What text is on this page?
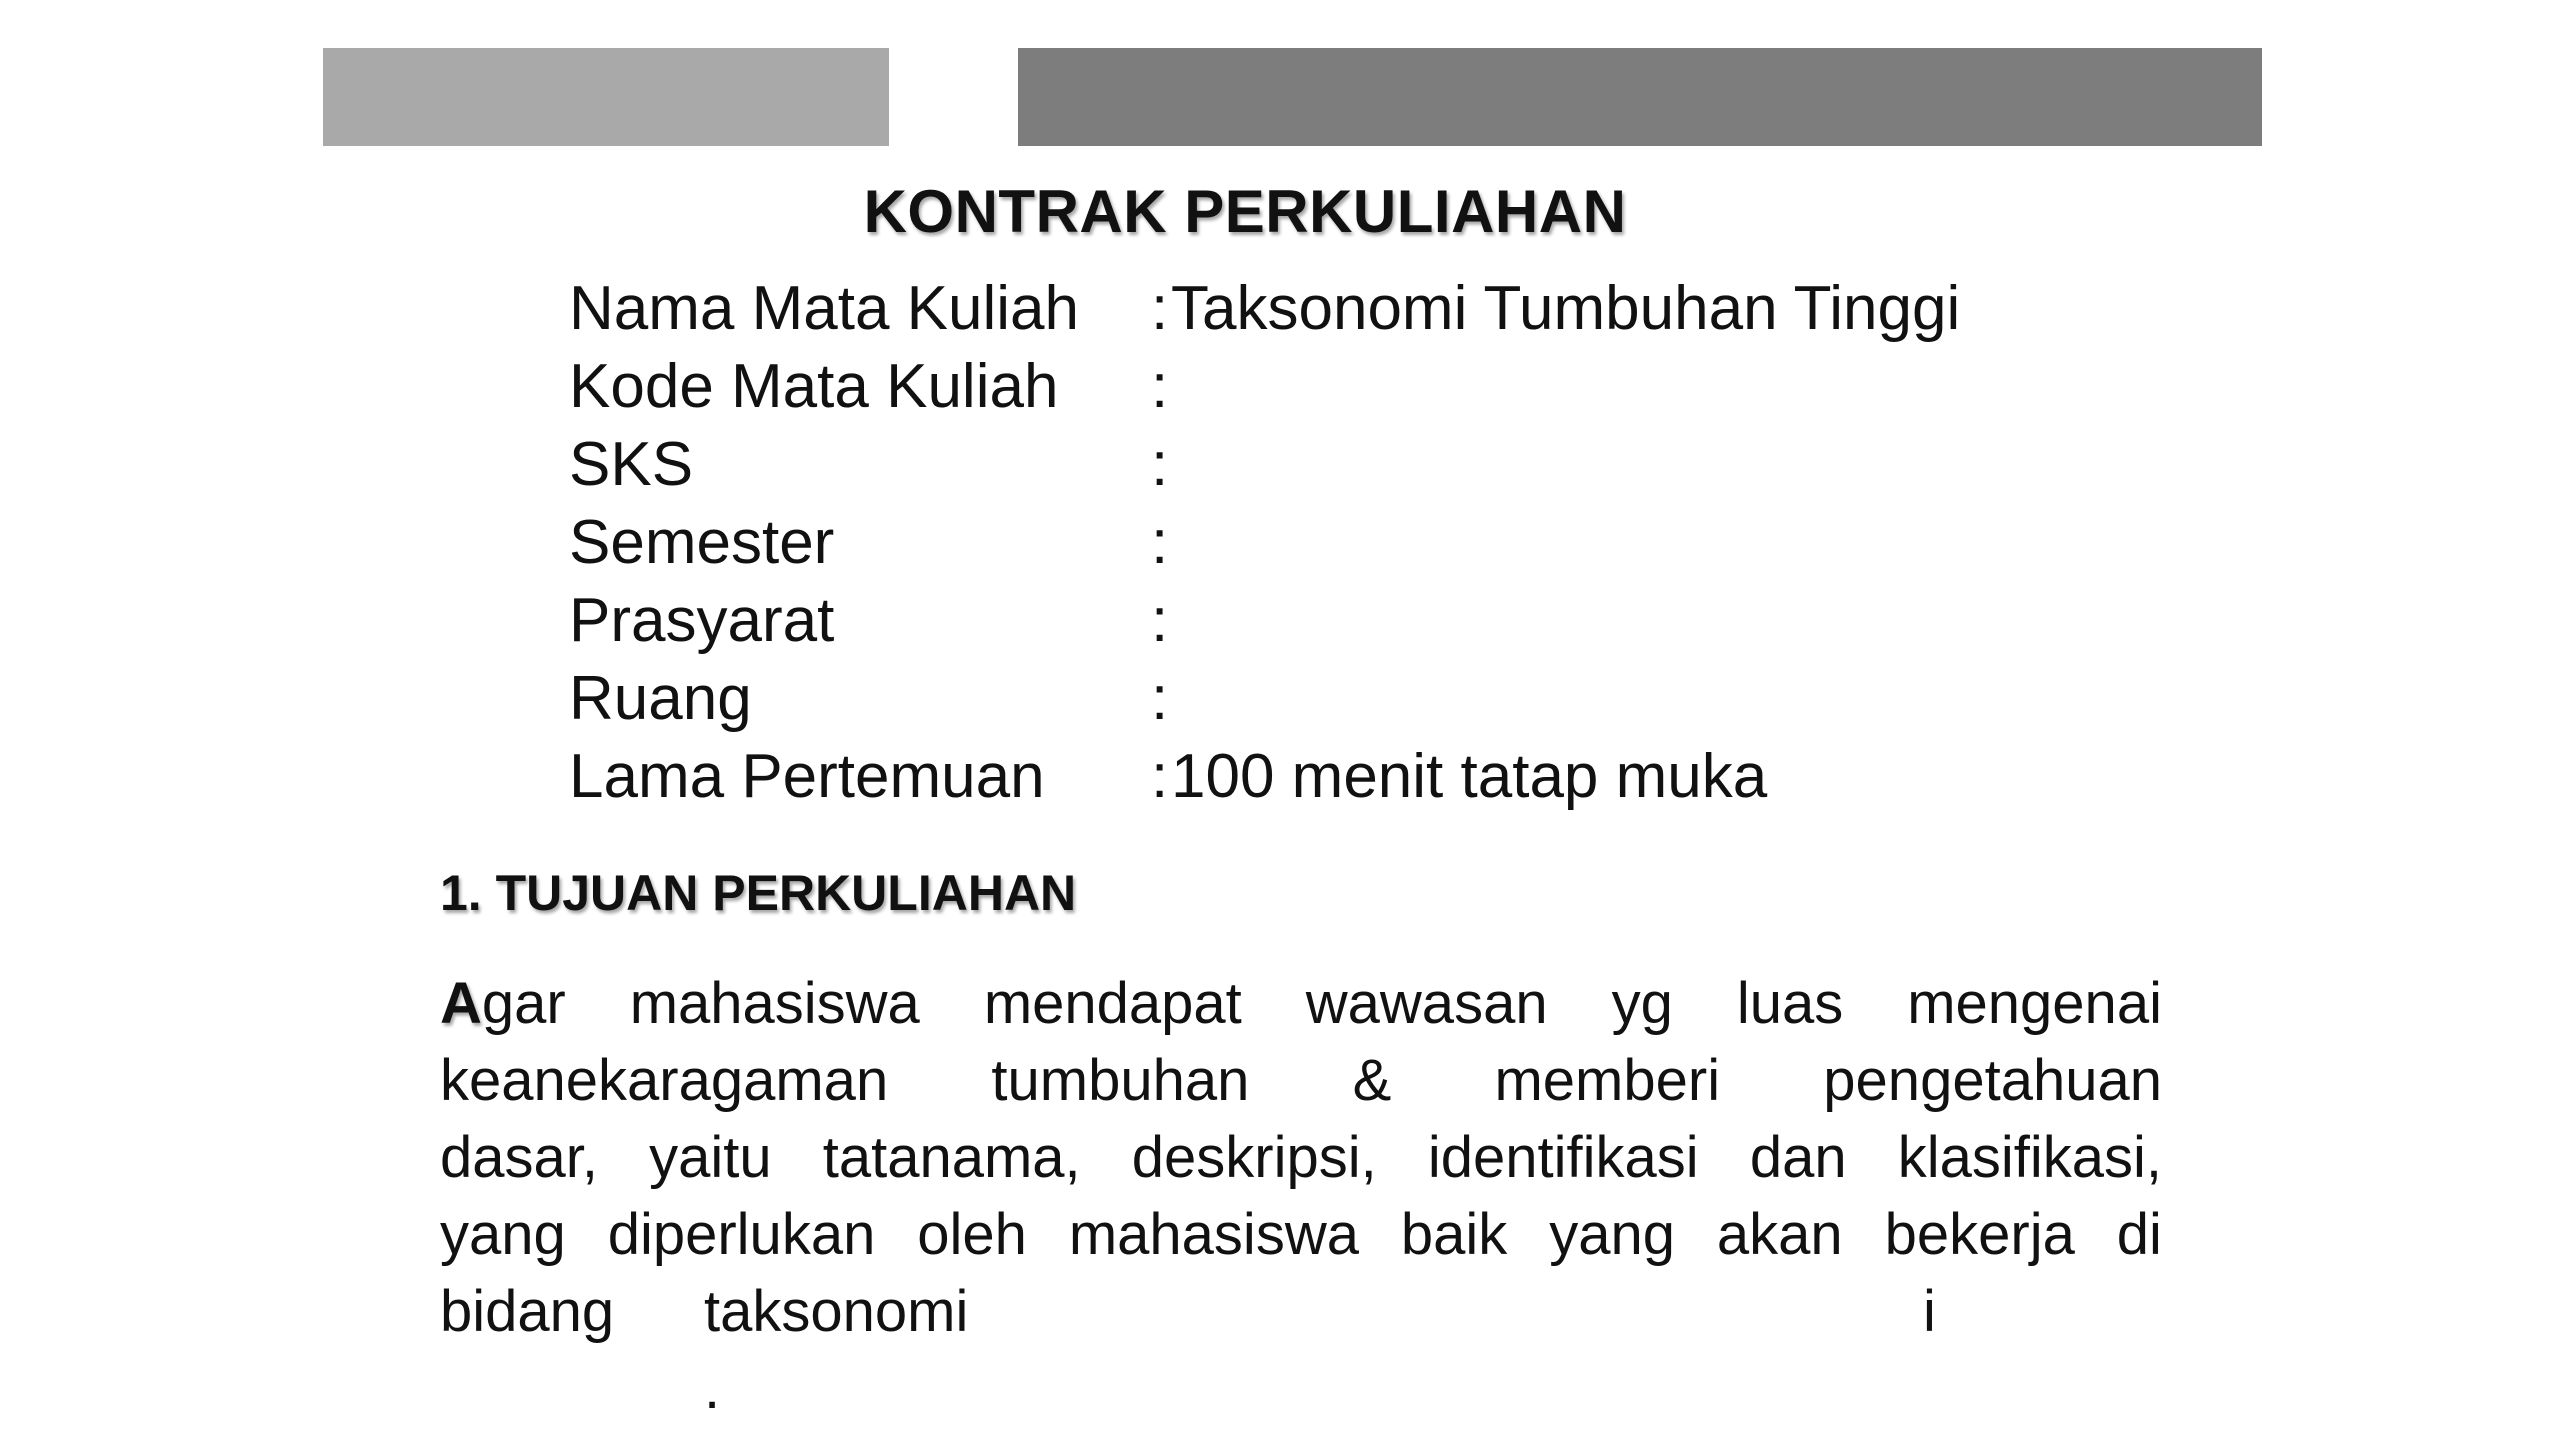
KONTRAK PERKULIAHAN
Nama Mata Kuliah	: Taksonomi Tumbuhan Tinggi
Kode Mata Kuliah	:
SKS	:
Semester	:
Prasyarat	:
Ruang	:
Lama Pertemuan	: 100 menit tatap muka
1. TUJUAN PERKULIAHAN
Agar mahasiswa mendapat wawasan yg luas mengenai
keanekaragaman tumbuhan & memberi pengetahuan
dasar, yaitu tatanama, deskripsi, identifikasi dan klasifikasi,
yang diperlukan oleh mahasiswa baik yang akan bekerja di
bidang taksonomi	i
.
